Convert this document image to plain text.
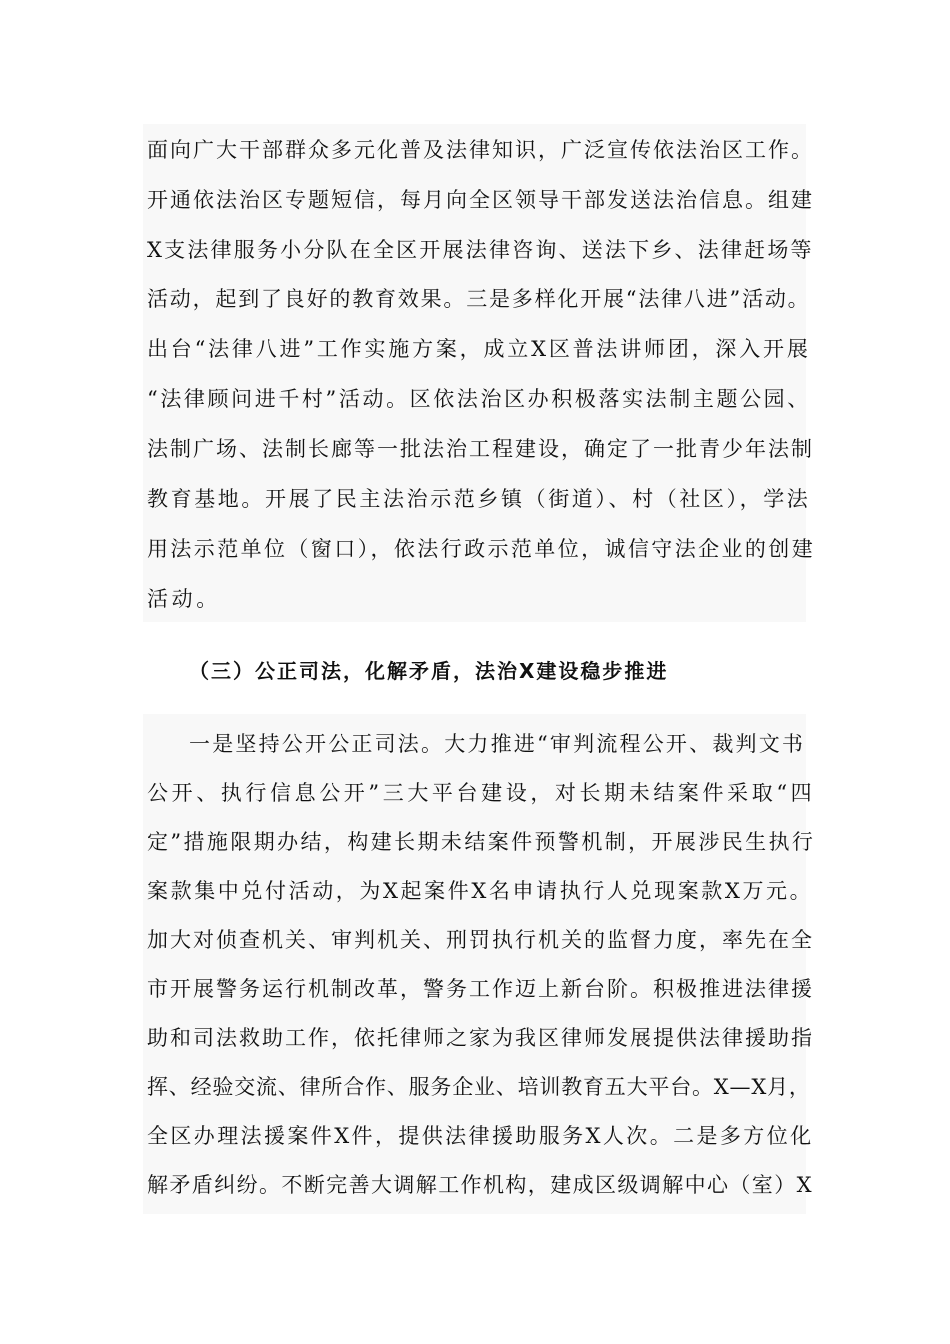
面向广大干部群众多元化普及法律知识，广泛宣传依法治区工作。
开通依法治区专题短信，每月向全区领导干部发送法治信息。组建
X支法律服务小分队在全区开展法律咨询、送法下乡、法律赶场等
活动，起到了良好的教育效果。三是多样化开展“法律八进”活动。
出台“法律八进”工作实施方案，成立X区普法讲师团，深入开展
“法律顾问进千村”活动。区依法治区办积极落实法制主题公园、
法制广场、法制长廊等一批法治工程建设，确定了一批青少年法制
教育基地。开展了民主法治示范乡镇（街道）、村（社区），学法
用法示范单位（窗口），依法行政示范单位，诚信守法企业的创建
活动。
（三）公正司法，化解矛盾，法治X建设稳步推进
一是坚持公开公正司法。大力推进“审判流程公开、裁判文书
公开、执行信息公开”三大平台建设，对长期未结案件采取“四
定”措施限期办结，构建长期未结案件预警机制，开展涉民生执行
案款集中兑付活动，为X起案件X名申请执行人兑现案款X万元。
加大对侦查机关、审判机关、刑罚执行机关的监督力度，率先在全
市开展警务运行机制改革，警务工作迈上新台阶。积极推进法律援
助和司法救助工作，依托律师之家为我区律师发展提供法律援助指
挥、经验交流、律所合作、服务企业、培训教育五大平台。X—X月，
全区办理法援案件X件，提供法律援助服务X人次。二是多方位化
解矛盾纠纷。不断完善大调解工作机构，建成区级调解中心（室）X
